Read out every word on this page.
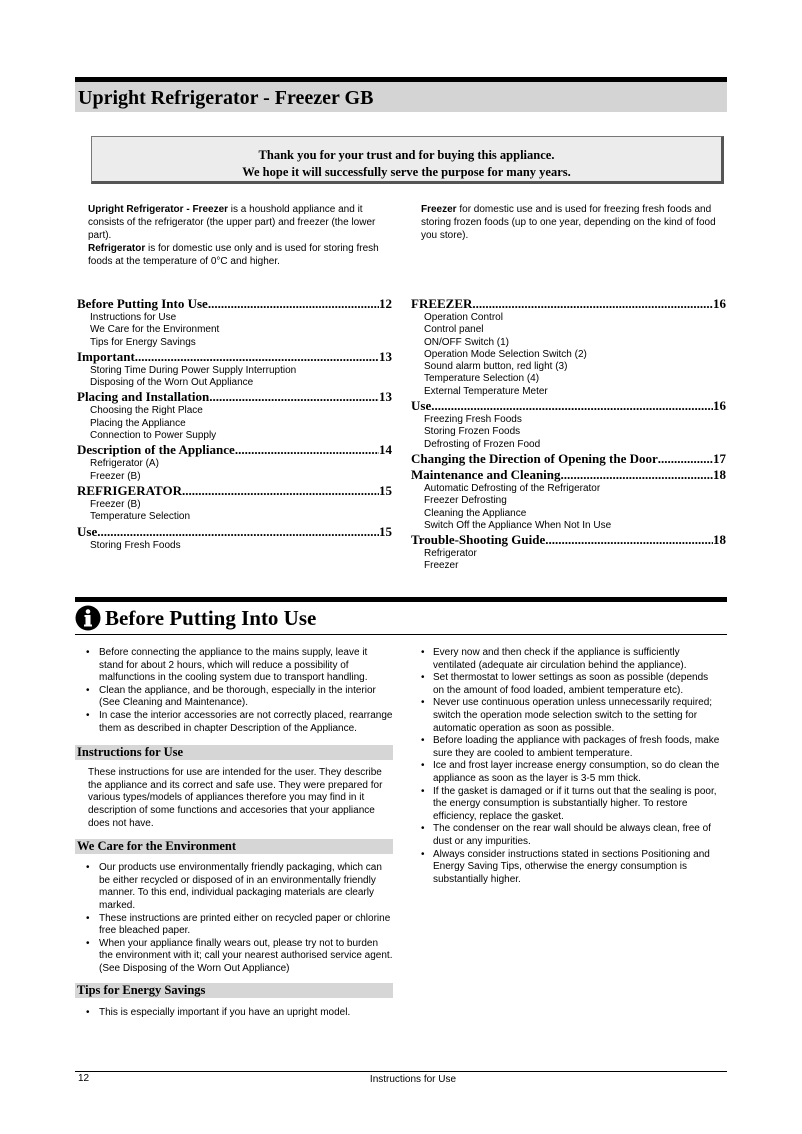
Upright Refrigerator - Freezer GB
Thank you for your trust and for buying this appliance.
We hope it will successfully serve the purpose for many years.

Upright Refrigerator - Freezer is a houshold appliance and it consists of the refrigerator (the upper part) and freezer (the lower part).

Refrigerator is for domestic use only and is used for storing fresh foods at the temperature of 0°C and higher.

Freezer for domestic use and is used for freezing fresh foods and storing frozen foods (up to one year, depending on the kind of food you store).

Before Putting Into Use .....	12
Instructions for Use
We Care for the Environment
Tips for Energy Savings
Important .....	13
Storing Time During Power Supply Interruption
Disposing of the Worn Out Appliance
Placing and Installation .....	13
Choosing the Right Place
Placing the Appliance
Connection to Power Supply
Description of the Appliance .....	14
Refrigerator (A)
Freezer (B)
REFRIGERATOR .....	15
Freezer (B)
Temperature Selection
Use .....	15
Storing Fresh Foods
FREEZER .....	16
Operation Control
Control panel
ON/OFF Switch (1)
Operation Mode Selection Switch (2)
Sound alarm button, red light (3)
Temperature Selection (4)
External Temperature Meter
Use .....	16
Freezing Fresh Foods
Storing Frozen Foods
Defrosting of Frozen Food
Changing the Direction of Opening the Door .....	17
Maintenance and Cleaning .....	18
Automatic Defrosting of the Refrigerator
Freezer Defrosting
Cleaning the Appliance
Switch Off the Appliance When Not In Use
Trouble-Shooting Guide .....	18
Refrigerator
Freezer
Before Putting Into Use
• Before connecting the appliance to the mains supply, leave it stand for about 2 hours, which will reduce a possibility of malfunctions in the cooling system due to transport handling.
• Clean the appliance, and be thorough, especially in the interior (See Cleaning and Maintenance).
• In case the interior accessories are not correctly placed, rearrange them as described in chapter Description of the Appliance.
Instructions for Use

These instructions for use are intended for the user. They describe the appliance and its correct and safe use. They were prepared for various types/models of appliances therefore you may find in it description of some functions and accesories that your appliance does not have.

We Care for the Environment
• Our products use environmentally friendly packaging, which can be either recycled or disposed of in an environmentally friendly manner. To this end, individual packaging materials are clearly marked.
• These instructions are printed either on recycled paper or chlorine free bleached paper.
• When your appliance finally wears out, please try not to burden the environment with it; call your nearest authorised service agent. (See Disposing of the Worn Out Appliance)
Tips for Energy Savings
• This is especially important if you have an upright model.
• Every now and then check if the appliance is sufficiently ventilated (adequate air circulation behind the appliance).
• Set thermostat to lower settings as soon as possible (depends on the amount of food loaded, ambient temperature etc).
• Never use continuous operation unless unnecessarily required; switch the operation mode selection switch to the setting for automatic operation as soon as possible.
• Before loading the appliance with packages of fresh foods, make sure they are cooled to ambient temperature.
• Ice and frost layer increase energy consumption, so do clean the appliance as soon as the layer is 3-5 mm thick.
• If the gasket is damaged or if it turns out that the sealing is poor, the energy consumption is substantially higher. To restore efficiency, replace the gasket.
• The condenser on the rear wall should be always clean, free of dust or any impurities.
• Always consider instructions stated in sections Positioning and Energy Saving Tips, otherwise the energy consumption is substantially higher.
12	Instructions for Use
